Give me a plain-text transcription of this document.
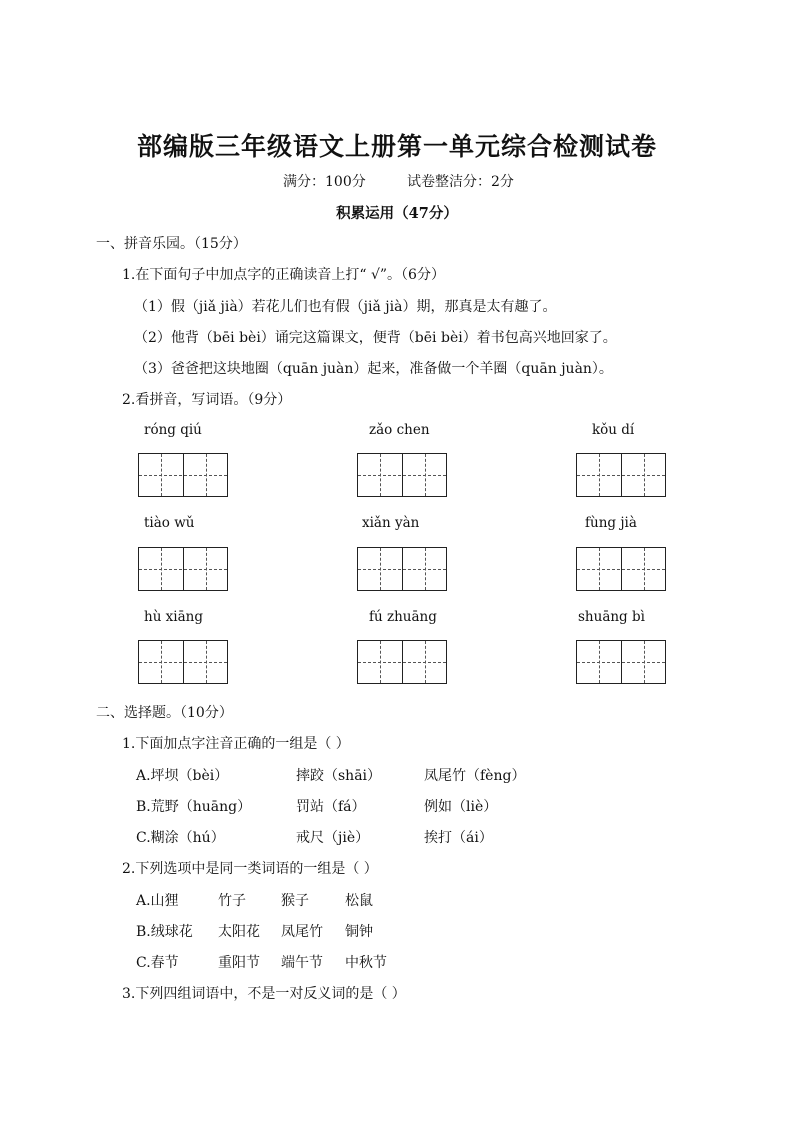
部编版三年级语文上册第一单元综合检测试卷
满分：100分	试卷整洁分：2分
积累运用（47分）
一、拼音乐园。（15分）
1.在下面句子中加点字的正确读音上打“ √”。（6分）
（1）假（jiǎ jià）若花儿们也有假（jiǎ jià）期，那真是太有趣了。
（2）他背（bēi bèi）诵完这篇课文，便背（bēi bèi）着书包高兴地回家了。
（3）爸爸把这块地圈（quān juàn）起来，准备做一个羊圈（quān juàn）。
2.看拼音，写词语。（9分）
róng qiú	zǎo chen	kǒu dí
tiào wǔ	xiǎn yàn	fùng jià
hù xiāng	fú zhuāng	shuāng bì
二、选择题。（10分）
1.下面加点字注音正确的一组是（ ）
A.坪坝（bèi）	摔跤（shāi）	凤尾竹（fèng）
B.荒野（huāng）	罚站（fá）	例如（liè）
C.糊涂（hú）	戒尺（jiè）	挨打（ái）
2.下列选项中是同一类词语的一组是（ ）
A.山狸	竹子	猴子	松鼠
B.绒球花 太阳花 凤尾竹 铜钟
C.春节	重阳节 端午节 中秋节
3.下列四组词语中，不是一对反义词的是（ ）
